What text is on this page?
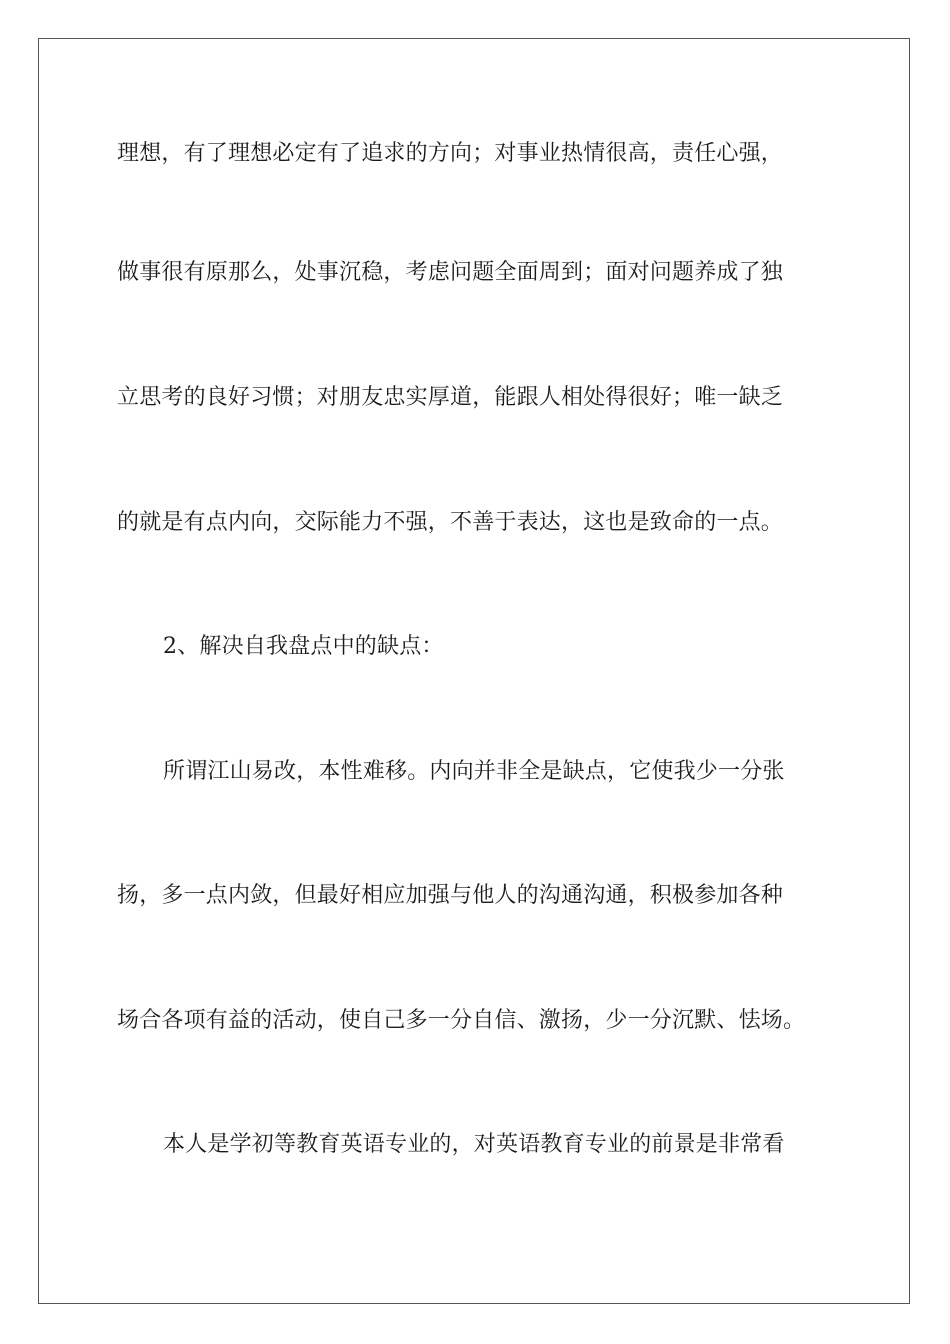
理想，有了理想必定有了追求的方向；对事业热情很高，责任心强，
做事很有原那么，处事沉稳，考虑问题全面周到；面对问题养成了独
立思考的良好习惯；对朋友忠实厚道，能跟人相处得很好；唯一缺乏
的就是有点内向，交际能力不强，不善于表达，这也是致命的一点。
2、解决自我盘点中的缺点：
所谓江山易改，本性难移。内向并非全是缺点，它使我少一分张
扬，多一点内敛，但最好相应加强与他人的沟通沟通，积极参加各种
场合各项有益的活动，使自己多一分自信、激扬，少一分沉默、怯场。
本人是学初等教育英语专业的，对英语教育专业的前景是非常看
